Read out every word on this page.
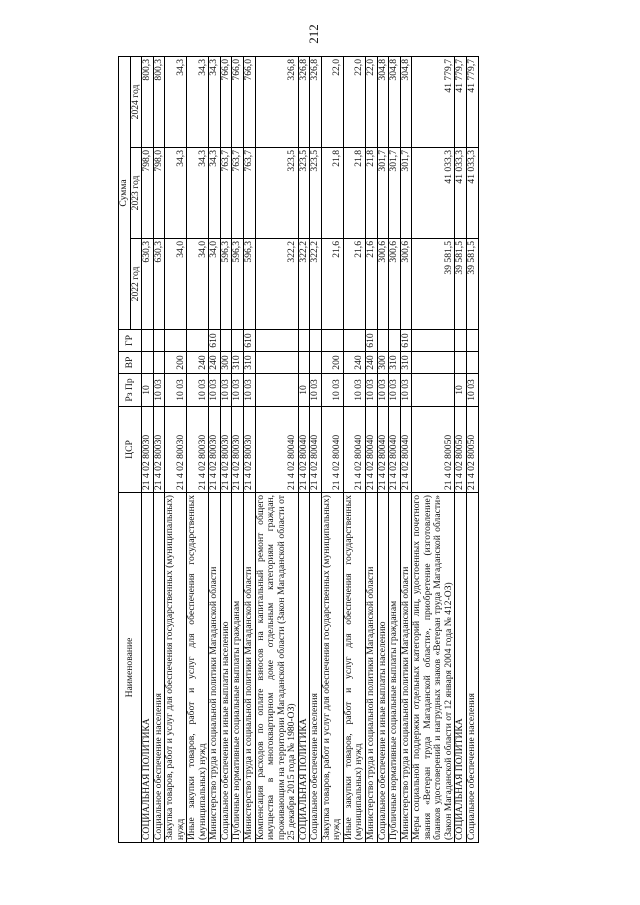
212
Наименование	ЦСР	Рз Пр	ВР	ГР	Сумма		
					2022 год	2023 год	2024 год
СОЦИАЛЬНАЯ ПОЛИТИКА	21 4 02 80030	10			630,3	798,0	800,3
Социальное обеспечение населения	21 4 02 80030	10 03			630,3	798,0	800,3
Закупка товаров, работ и услуг для обеспечения государственных (муниципальных) нужд	21 4 02 80030	10 03	200		34,0	34,3	34,3
Иные закупки товаров, работ и услуг для обеспечения государственных (муниципальных) нужд	21 4 02 80030	10 03	240		34,0	34,3	34,3
Министерство труда и социальной политики Магаданской области	21 4 02 80030	10 03	240	610	34,0	34,3	34,3
Социальное обеспечение и иные выплаты населению	21 4 02 80030	10 03	300		596,3	763,7	766,0
Публичные нормативные социальные выплаты гражданам	21 4 02 80030	10 03	310		596,3	763,7	766,0
Министерство труда и социальной политики Магаданской области	21 4 02 80030	10 03	310	610	596,3	763,7	766,0
Компенсация расходов по оплате взносов на капитальный ремонт общего имущества в многоквартирном доме отдельным категориям граждан, проживающим на территории Магаданской области (Закон Магаданской области от 25 декабря 2015 года № 1980-ОЗ)	21 4 02 80040				322,2	323,5	326,8
СОЦИАЛЬНАЯ ПОЛИТИКА	21 4 02 80040	10			322,2	323,5	326,8
Социальное обеспечение населения	21 4 02 80040	10 03			322,2	323,5	326,8
Закупка товаров, работ и услуг для обеспечения государственных (муниципальных) нужд	21 4 02 80040	10 03	200		21,6	21,8	22,0
Иные закупки товаров, работ и услуг для обеспечения государственных (муниципальных) нужд	21 4 02 80040	10 03	240		21,6	21,8	22,0
Министерство труда и социальной политики Магаданской области	21 4 02 80040	10 03	240	610	21,6	21,8	22,0
Социальное обеспечение и иные выплаты населению	21 4 02 80040	10 03	300		300,6	301,7	304,8
Публичные нормативные социальные выплаты гражданам	21 4 02 80040	10 03	310		300,6	301,7	304,8
Министерство труда и социальной политики Магаданской области	21 4 02 80040	10 03	310	610	300,6	301,7	304,8
Меры социальной поддержки отдельных категорий лиц, удостоенных почетного звания «Ветеран труда Магаданской области», приобретение (изготовление) бланков удостоверений и нагрудных знаков «Ветеран труда Магаданской области» (Закон Магаданской области от 12 января 2004 года № 412-ОЗ)	21 4 02 80050				39 581,5	41 033,3	41 779,7
СОЦИАЛЬНАЯ ПОЛИТИКА	21 4 02 80050	10			39 581,5	41 033,3	41 779,7
Социальное обеспечение населения	21 4 02 80050	10 03			39 581,5	41 033,3	41 779,7
